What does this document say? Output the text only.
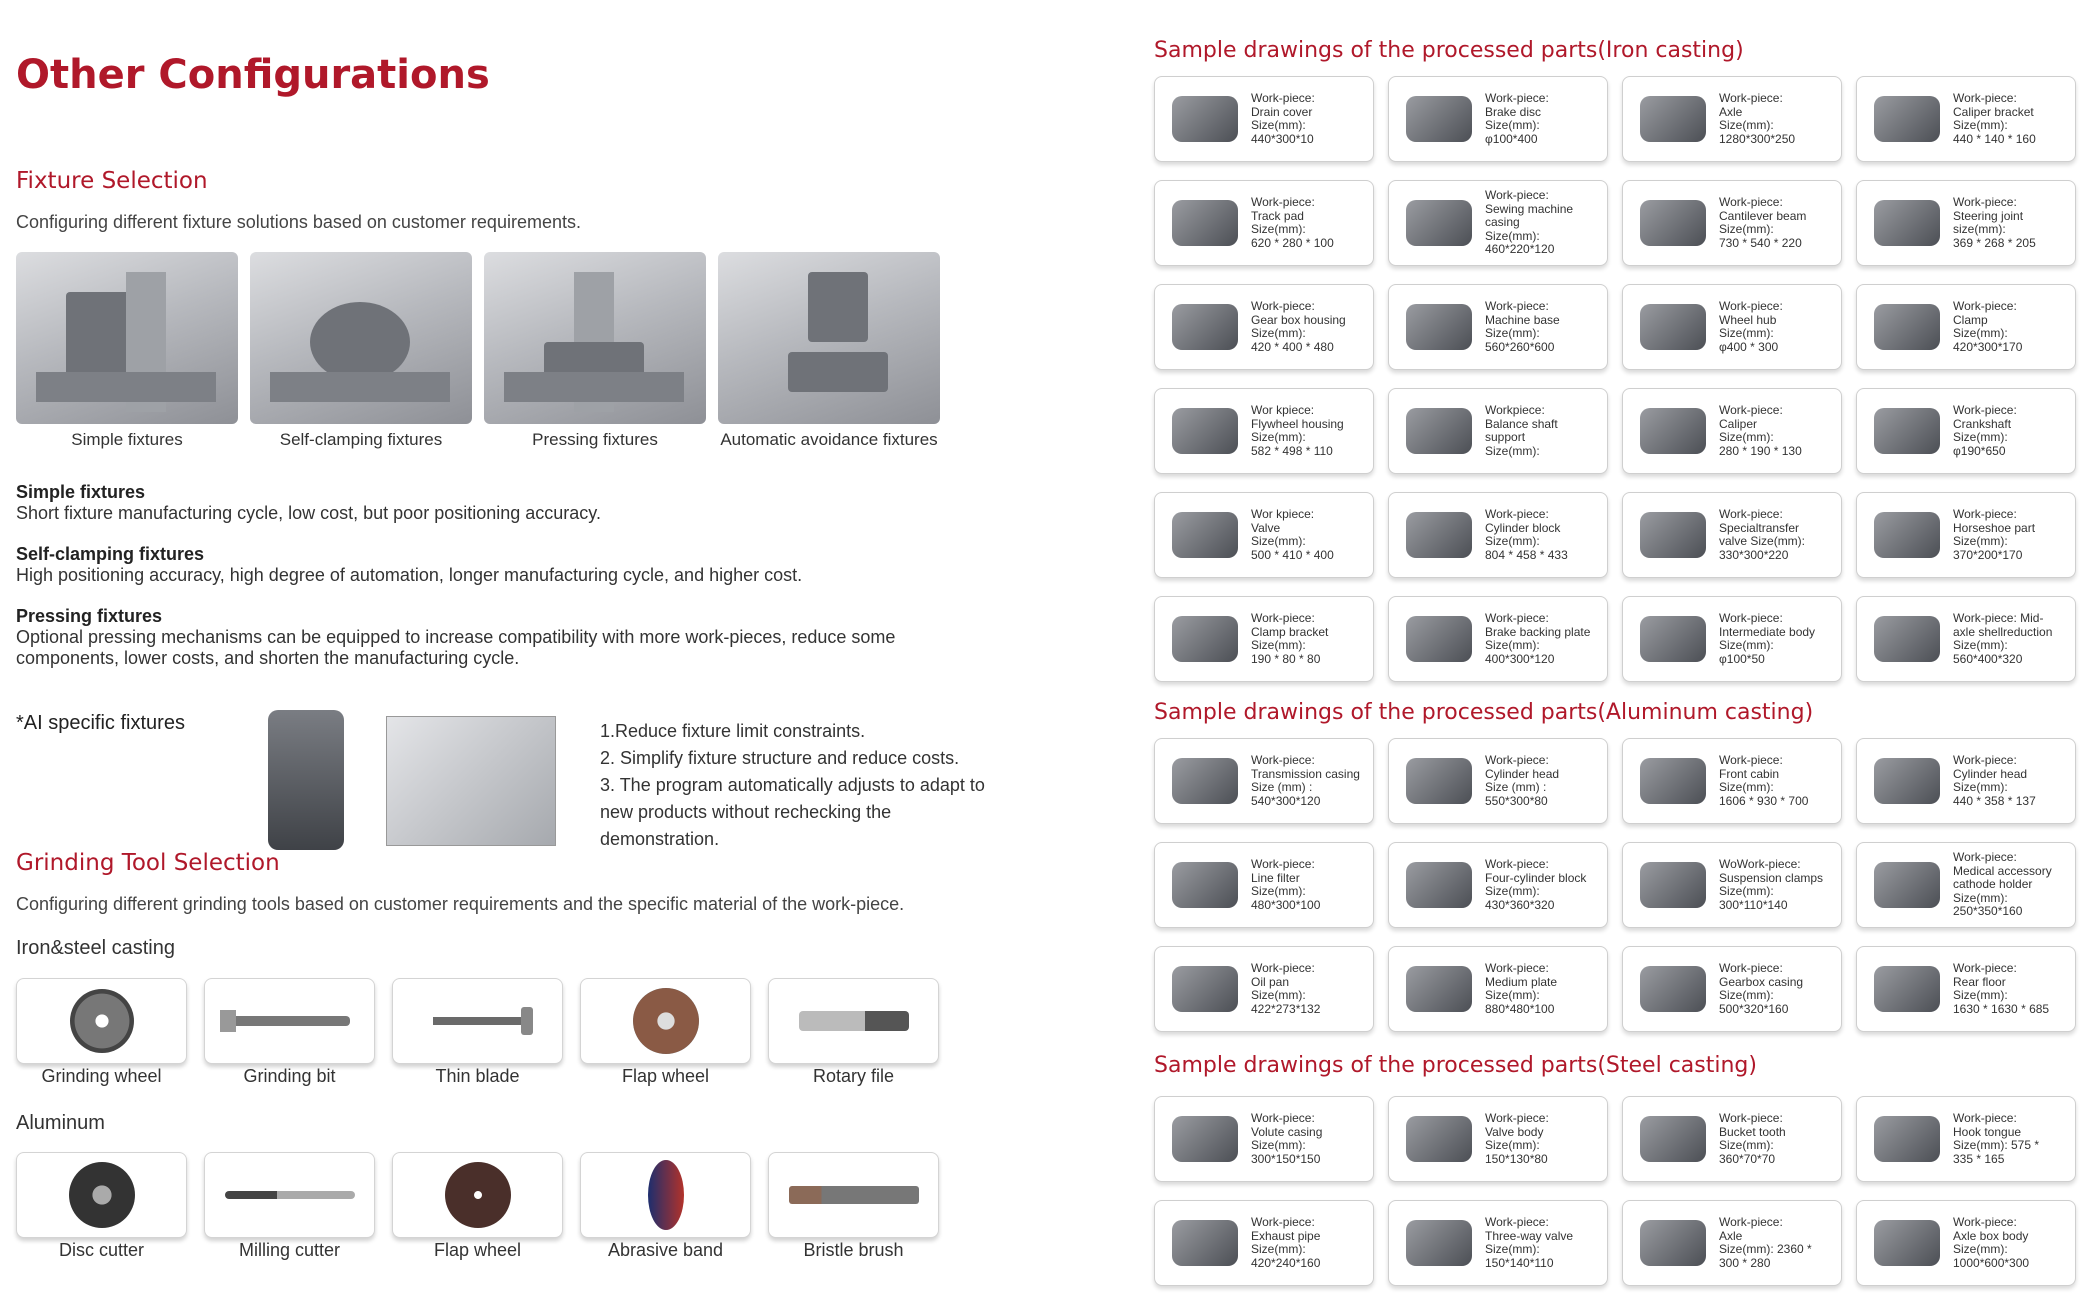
Other Configurations
Fixture Selection
Configuring different fixture solutions based on customer requirements.
Simple fixtures	Self-clamping fixtures	Pressing fixtures	Automatic avoidance fixtures
Simple fixtures
Short fixture manufacturing cycle, low cost, but poor positioning accuracy.
Self-clamping fixtures
High positioning accuracy, high degree of automation, longer manufacturing cycle, and higher cost.
Pressing fixtures
Optional pressing mechanisms can be equipped to increase compatibility with more work-pieces, reduce some components, lower costs, and shorten the manufacturing cycle.
*AI specific fixtures	1.Reduce fixture limit constraints.
2. Simplify fixture structure and reduce costs.
3. The program automatically adjusts to adapt to new products without rechecking the demonstration.
Grinding Tool Selection
Configuring different grinding tools based on customer requirements and the specific material of the work-piece.
Iron&steel casting
Grinding wheel	Grinding bit	Thin blade	Flap wheel	Rotary file
Aluminum
Disc cutter	Milling cutter	Flap wheel	Abrasive band	Bristle brush
Sample drawings of the processed parts(Iron casting)
Work-piece:
Drain cover
Size(mm):
440*300*10
Work-piece:
Brake disc
Size(mm):
φ100*400
Work-piece:
Axle
Size(mm):
1280*300*250
Work-piece:
Caliper bracket
Size(mm):
440 * 140 * 160
Work-piece:
Track pad
Size(mm):
620 * 280 * 100
Work-piece:
Sewing machine casing
Size(mm):
460*220*120
Work-piece:
Cantilever beam
Size(mm):
730 * 540 * 220
Work-piece:
Steering joint
size(mm):
369 * 268 * 205
Work-piece:
Gear box housing
Size(mm):
420 * 400 * 480
Work-piece:
Machine base
Size(mm):
560*260*600
Work-piece:
Wheel hub
Size(mm):
φ400 * 300
Work-piece:
Clamp
Size(mm):
420*300*170
Wor kpiece:
Flywheel housing
Size(mm):
582 * 498 * 110
Workpiece:
Balance shaft
support
Size(mm):
Work-piece:
Caliper
Size(mm):
280 * 190 * 130
Work-piece:
Crankshaft
Size(mm):
φ190*650
Wor kpiece:
Valve
Size(mm):
500 * 410 * 400
Work-piece:
Cylinder block
Size(mm):
804 * 458 * 433
Work-piece:
Specialtransfer
valve Size(mm):
330*300*220
Work-piece:
Horseshoe part
Size(mm):
370*200*170
Work-piece:
Clamp bracket
Size(mm):
190 * 80 * 80
Work-piece:
Brake backing plate
Size(mm):
400*300*120
Work-piece:
Intermediate body
Size(mm):
φ100*50
Work-piece: Mid-
axle shellreduction
Size(mm):
560*400*320
Sample drawings of the processed parts(Aluminum casting)
Work-piece:
Transmission casing
Size (mm) :
540*300*120
Work-piece:
Cylinder head
Size (mm) :
550*300*80
Work-piece:
Front cabin
Size(mm):
1606 * 930 * 700
Work-piece:
Cylinder head
Size(mm):
440 * 358 * 137
Work-piece:
Line filter
Size(mm):
480*300*100
Work-piece:
Four-cylinder block
Size(mm):
430*360*320
WoWork-piece:
Suspension clamps
Size(mm):
300*110*140
Work-piece:
Medical accessory
cathode holder
Size(mm):
250*350*160
Work-piece:
Oil pan
Size(mm):
422*273*132
Work-piece:
Medium plate
Size(mm):
880*480*100
Work-piece:
Gearbox casing
Size(mm):
500*320*160
Work-piece:
Rear floor
Size(mm):
1630 * 1630 * 685
Sample drawings of the processed parts(Steel casting)
Work-piece:
Volute casing
Size(mm):
300*150*150
Work-piece:
Valve body
Size(mm):
150*130*80
Work-piece:
Bucket tooth
Size(mm):
360*70*70
Work-piece:
Hook tongue
Size(mm): 575 *
335 * 165
Work-piece:
Exhaust pipe
Size(mm):
420*240*160
Work-piece:
Three-way valve
Size(mm):
150*140*110
Work-piece:
Axle
Size(mm): 2360 *
300 * 280
Work-piece:
Axle box body
Size(mm):
1000*600*300
